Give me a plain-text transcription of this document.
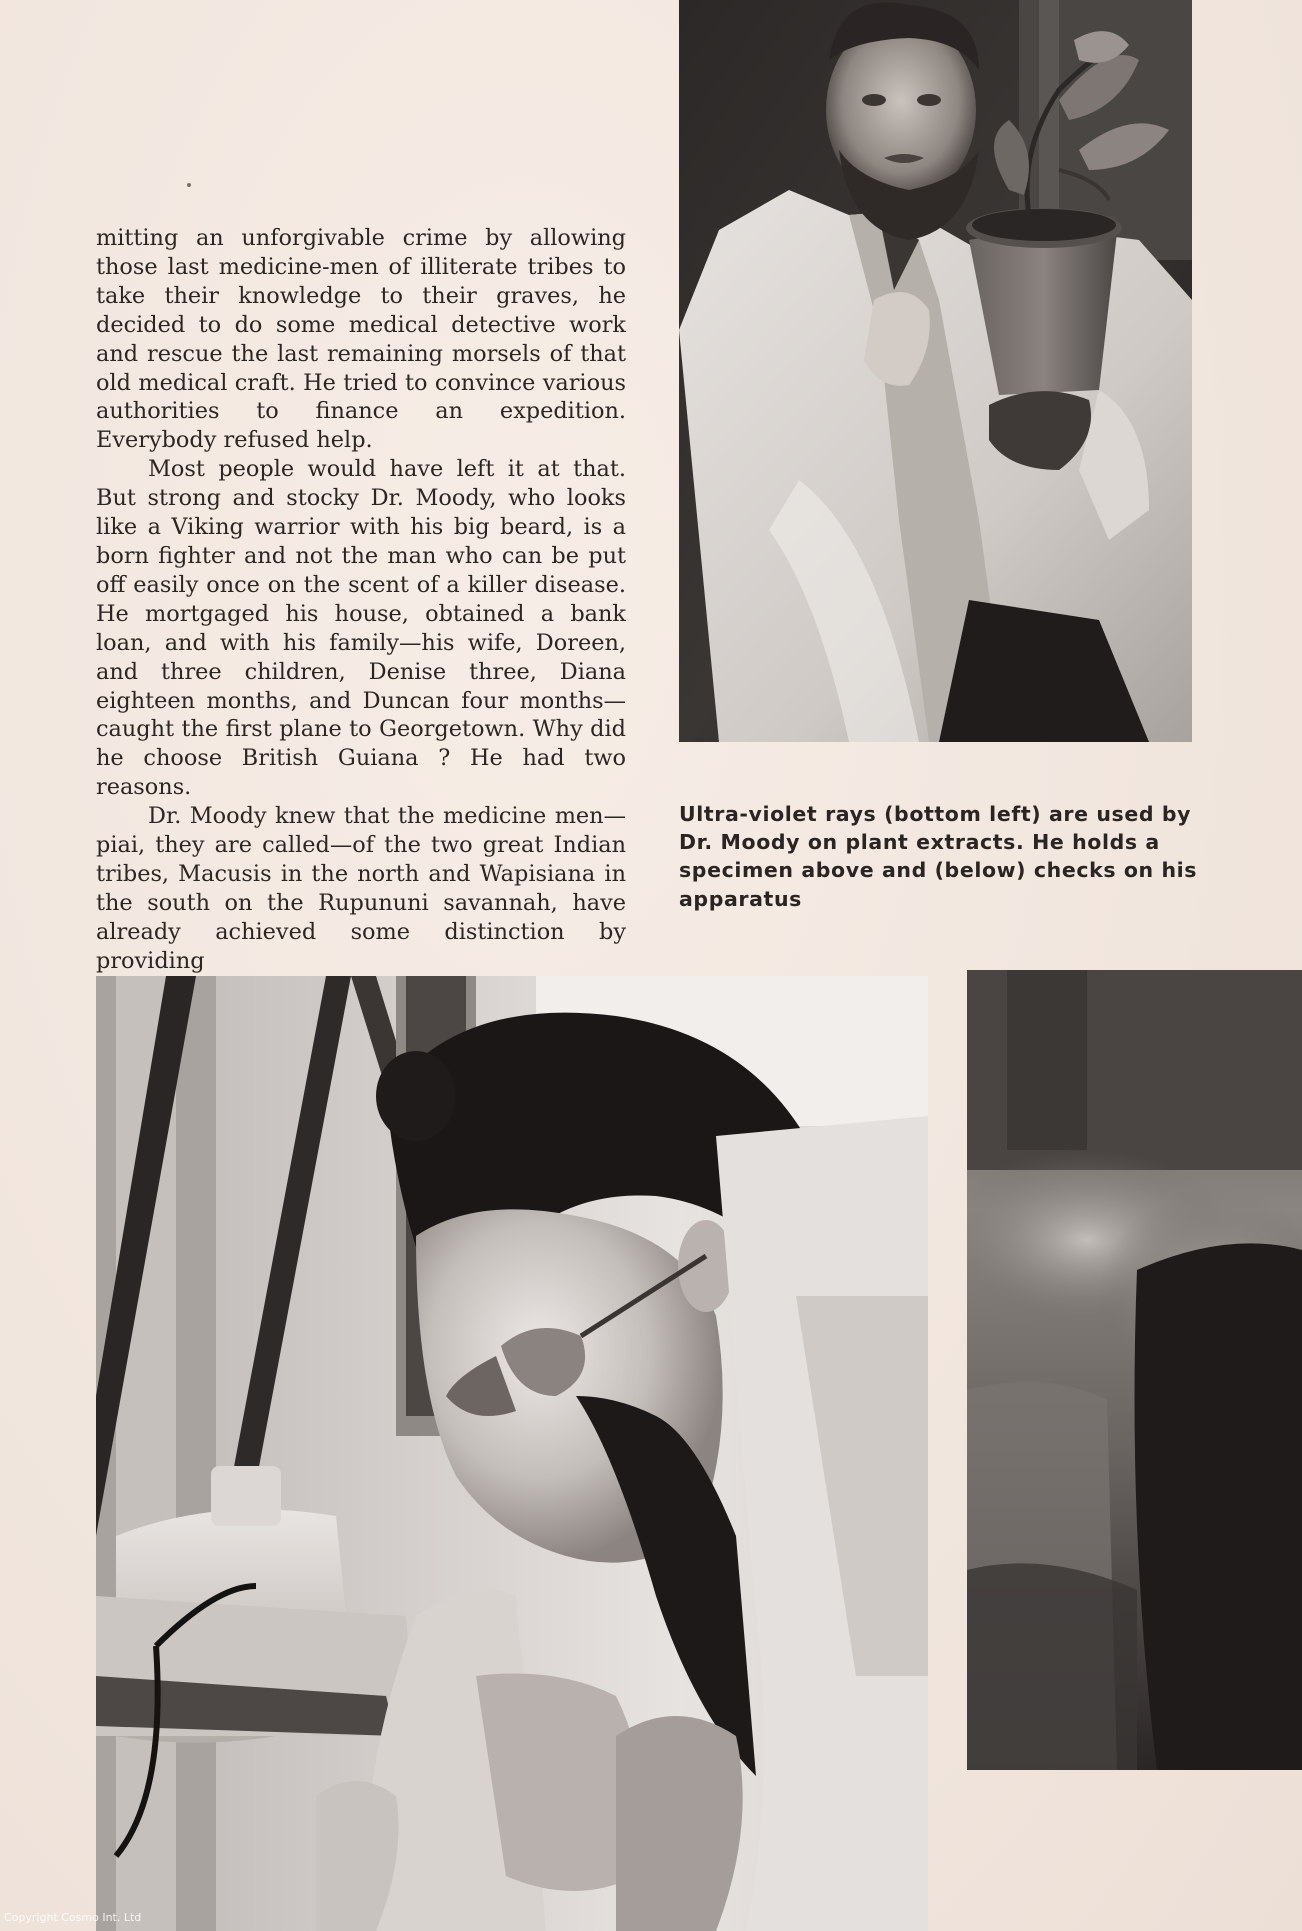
mitting an unforgivable crime by allowing those last medicine-men of illiterate tribes to take their knowledge to their graves, he decided to do some medical detective work and rescue the last remaining morsels of that old medical craft. He tried to convince various authorities to finance an expedition. Everybody refused help.

Most people would have left it at that. But strong and stocky Dr. Moody, who looks like a Viking warrior with his big beard, is a born fighter and not the man who can be put off easily once on the scent of a killer disease. He mortgaged his house, obtained a bank loan, and with his family—his wife, Doreen, and three children, Denise three, Diana eighteen months, and Duncan four months—caught the first plane to Georgetown. Why did he choose British Guiana ? He had two reasons.

Dr. Moody knew that the medicine men—piai, they are called—of the two great Indian tribes, Macusis in the north and Wapisiana in the south on the Rupununi savannah, have already achieved some distinction by providing

Ultra-violet rays (bottom left) are used by Dr. Moody on plant extracts. He holds a specimen above and (below) checks on his apparatus

Copyright Cosmo Int. Ltd
